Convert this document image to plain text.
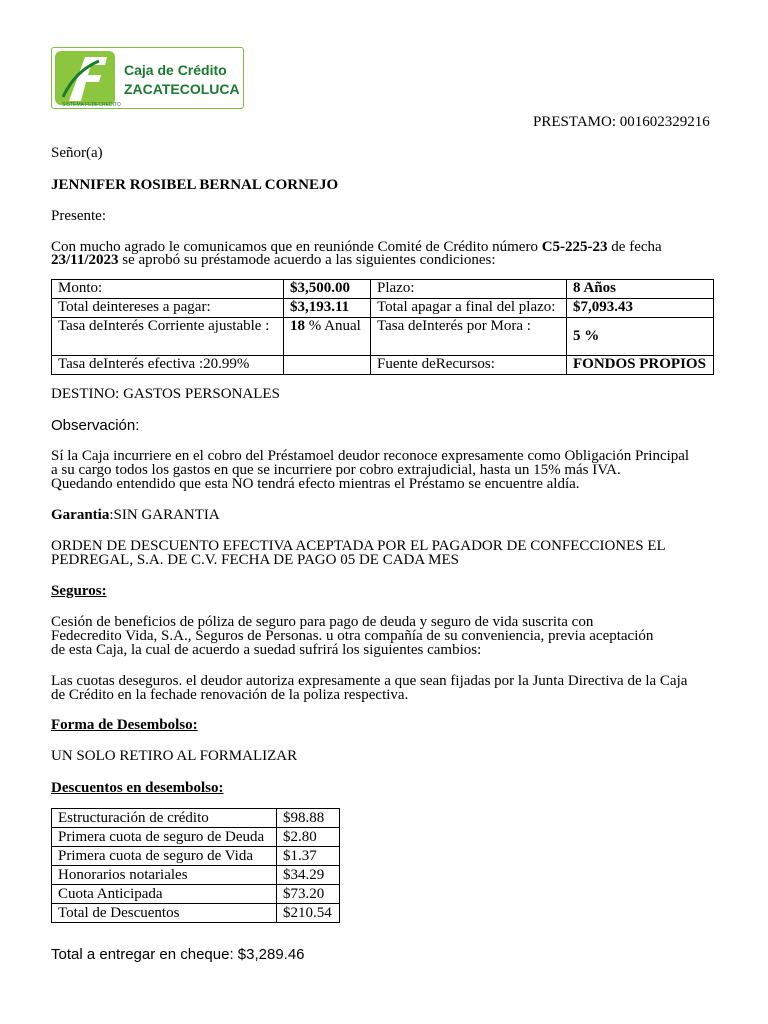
Caja de Crédito
ZACATECOLUCA
SISTEMA FEDECREDITO
PRESTAMO: 001602329216
Señor(a)
JENNIFER ROSIBEL BERNAL CORNEJO
Presente:
Con mucho agrado le comunicamos que en reuniónde Comité de Crédito número C5-225-23 de fecha
23/11/2023 se aprobó su préstamode acuerdo a las siguientes condiciones:
Monto:	$3,500.00	Plazo:	8 Años
Total deintereses a pagar:	$3,193.11	Total apagar a final del plazo:	$7,093.43
Tasa deInterés Corriente ajustable :	18 % Anual	Tasa deInterés por Mora :	5 %
Tasa deInterés efectiva :20.99%		Fuente deRecursos:	FONDOS PROPIOS
DESTINO: GASTOS PERSONALES
Observación:
Sí la Caja incurriere en el cobro del Préstamoel deudor reconoce expresamente como Obligación Principal
a su cargo todos los gastos en que se incurriere por cobro extrajudicial, hasta un 15% más IVA.
Quedando entendido que esta NO tendrá efecto mientras el Préstamo se encuentre aldía.
Garantia:SIN GARANTIA
ORDEN DE DESCUENTO EFECTIVA ACEPTADA POR EL PAGADOR DE CONFECCIONES EL
PEDREGAL, S.A. DE C.V. FECHA DE PAGO 05 DE CADA MES
Seguros:
Cesión de beneficios de póliza de seguro para pago de deuda y seguro de vida suscrita con
Fedecredito Vida, S.A., Seguros de Personas. u otra compañía de su conveniencia, previa aceptación
de esta Caja, la cual de acuerdo a suedad sufrirá los siguientes cambios:
Las cuotas deseguros. el deudor autoriza expresamente a que sean fijadas por la Junta Directiva de la Caja
de Crédito en la fechade renovación de la poliza respectiva.
Forma de Desembolso:
UN SOLO RETIRO AL FORMALIZAR
Descuentos en desembolso:
Estructuración de crédito	$98.88
Primera cuota de seguro de Deuda	$2.80
Primera cuota de seguro de Vida	$1.37
Honorarios notariales	$34.29
Cuota Anticipada	$73.20
Total de Descuentos	$210.54
Total a entregar en cheque: $3,289.46
